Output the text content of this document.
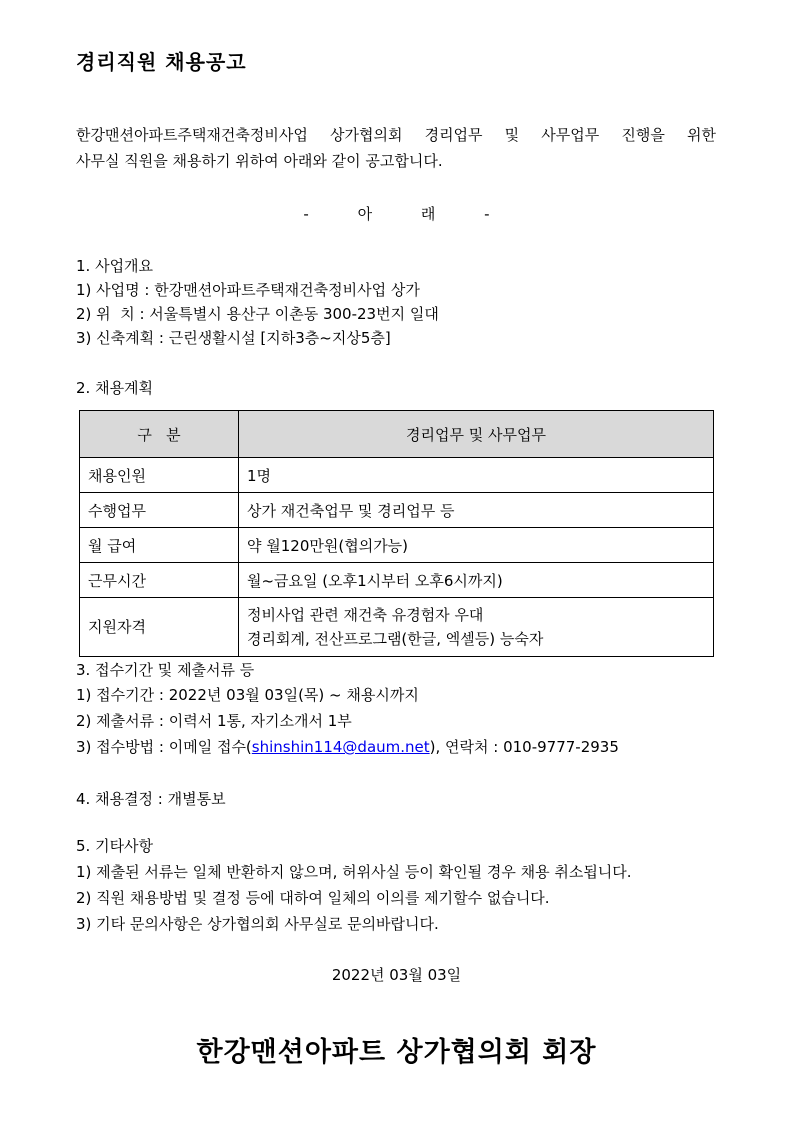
경리직원 채용공고
한강맨션아파트주택재건축정비사업 상가협의회 경리업무 및 사무업무 진행을 위한
사무실 직원을 채용하기 위하여 아래와 같이 공고합니다.
-	아	래	-
1. 사업개요
1) 사업명 : 한강맨션아파트주택재건축정비사업 상가
2) 위  치 : 서울특별시 용산구 이촌동 300-23번지 일대
3) 신축계획 : 근린생활시설 [지하3층~지상5층]
2. 채용계획
구   분	경리업무 및 사무업무
채용인원	1명
수행업무	상가 재건축업무 및 경리업무 등
월 급여	약 월120만원(협의가능)
근무시간	월~금요일 (오후1시부터 오후6시까지)
지원자격	정비사업 관련 재건축 유경험자 우대
경리회계, 전산프로그램(한글, 엑셀등) 능숙자
3. 접수기간 및 제출서류 등
1) 접수기간 : 2022년 03월 03일(목) ~ 채용시까지
2) 제출서류 : 이력서 1통, 자기소개서 1부
3) 접수방법 : 이메일 접수(shinshin114@daum.net), 연락처 : 010-9777-2935
4. 채용결정 : 개별통보
5. 기타사항
1) 제출된 서류는 일체 반환하지 않으며, 허위사실 등이 확인될 경우 채용 취소됩니다.
2) 직원 채용방법 및 결정 등에 대하여 일체의 이의를 제기할수 없습니다.
3) 기타 문의사항은 상가협의회 사무실로 문의바랍니다.
2022년 03월 03일
한강맨션아파트 상가협의회 회장
